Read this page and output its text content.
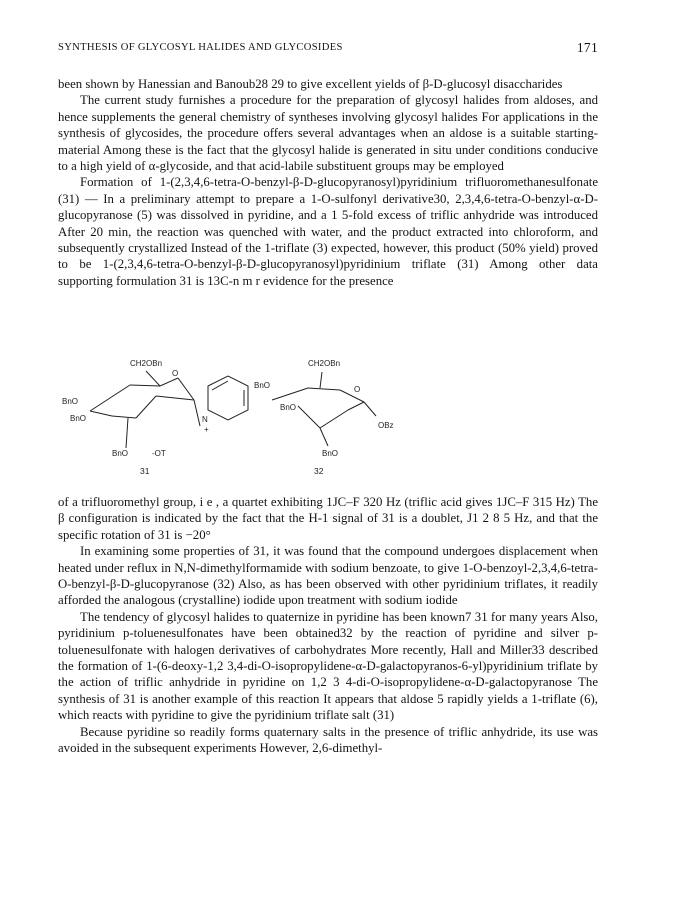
SYNTHESIS OF GLYCOSYL HALIDES AND GLYCOSIDES	171

been shown by Hanessian and Banoub28 29 to give excellent yields of β-D-glucosyl disaccharides

The current study furnishes a procedure for the preparation of glycosyl halides from aldoses, and hence supplements the general chemistry of syntheses involving glycosyl halides For applications in the synthesis of glycosides, the procedure offers several advantages when an aldose is a suitable starting-material Among these is the fact that the glycosyl halide is generated in situ under conditions conducive to a high yield of α-glycoside, and that acid-labile substituent groups may be employed

Formation of 1-(2,3,4,6-tetra-O-benzyl-β-D-glucopyranosyl)pyridinium trifluoromethanesulfonate (31) — In a preliminary attempt to prepare a 1-O-sulfonyl derivative30, 2,3,4,6-tetra-O-benzyl-α-D-glucopyranose (5) was dissolved in pyridine, and a 1 5-fold excess of triflic anhydride was introduced After 20 min, the reaction was quenched with water, and the product extracted into chloroform, and subsequently crystallized Instead of the 1-triflate (3) expected, however, this product (50% yield) proved to be 1-(2,3,4,6-tetra-O-benzyl-β-D-glucopyranosyl)pyridinium triflate (31) Among other data supporting formulation 31 is 13C-n m r evidence for the presence

CH2OBn
BnO
BnO
O
N
+
BnO	-OT
31
CH2OBn
BnO	O
BnO
OBz
BnO
32

of a trifluoromethyl group, i e , a quartet exhibiting 1JC–F 320 Hz (triflic acid gives 1JC–F 315 Hz) The β configuration is indicated by the fact that the H-1 signal of 31 is a doublet, J1 2 8 5 Hz, and that the specific rotation of 31 is −20°

In examining some properties of 31, it was found that the compound undergoes displacement when heated under reflux in N,N-dimethylformamide with sodium benzoate, to give 1-O-benzoyl-2,3,4,6-tetra-O-benzyl-β-D-glucopyranose (32) Also, as has been observed with other pyridinium triflates, it readily afforded the analogous (crystalline) iodide upon treatment with sodium iodide

The tendency of glycosyl halides to quaternize in pyridine has been known7 31 for many years Also, pyridinium p-toluenesulfonates have been obtained32 by the reaction of pyridine and silver p-toluenesulfonate with halogen derivatives of carbohydrates More recently, Hall and Miller33 described the formation of 1-(6-deoxy-1,2 3,4-di-O-isopropylidene-α-D-galactopyranos-6-yl)pyridinium triflate by the action of triflic anhydride in pyridine on 1,2 3 4-di-O-isopropylidene-α-D-galactopyranose The synthesis of 31 is another example of this reaction It appears that aldose 5 rapidly yields a 1-triflate (6), which reacts with pyridine to give the pyridinium triflate salt (31)

Because pyridine so readily forms quaternary salts in the presence of triflic anhydride, its use was avoided in the subsequent experiments However, 2,6-dimethyl-
